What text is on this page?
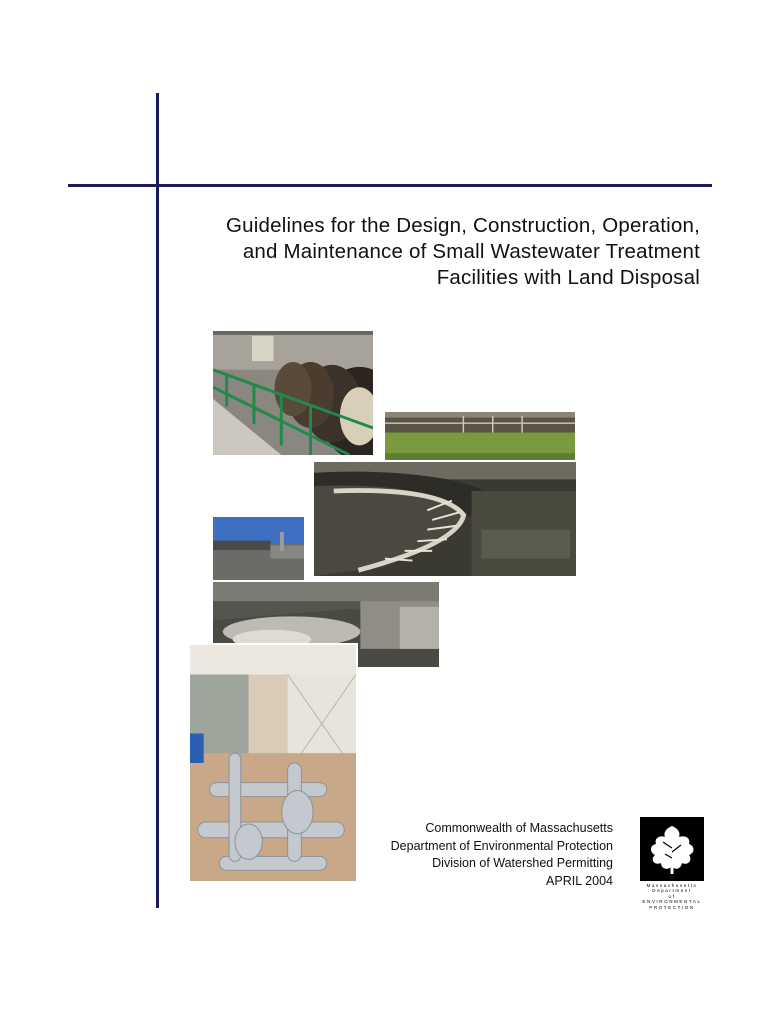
Guidelines for the Design, Construction, Operation,
and Maintenance of Small Wastewater Treatment
Facilities with Land Disposal
Commonwealth of Massachusetts
Department of Environmental Protection
Division of Watershed Permitting
APRIL 2004	Massachusetts
Department
of
ENVIRONMENTAL
PROTECTION
